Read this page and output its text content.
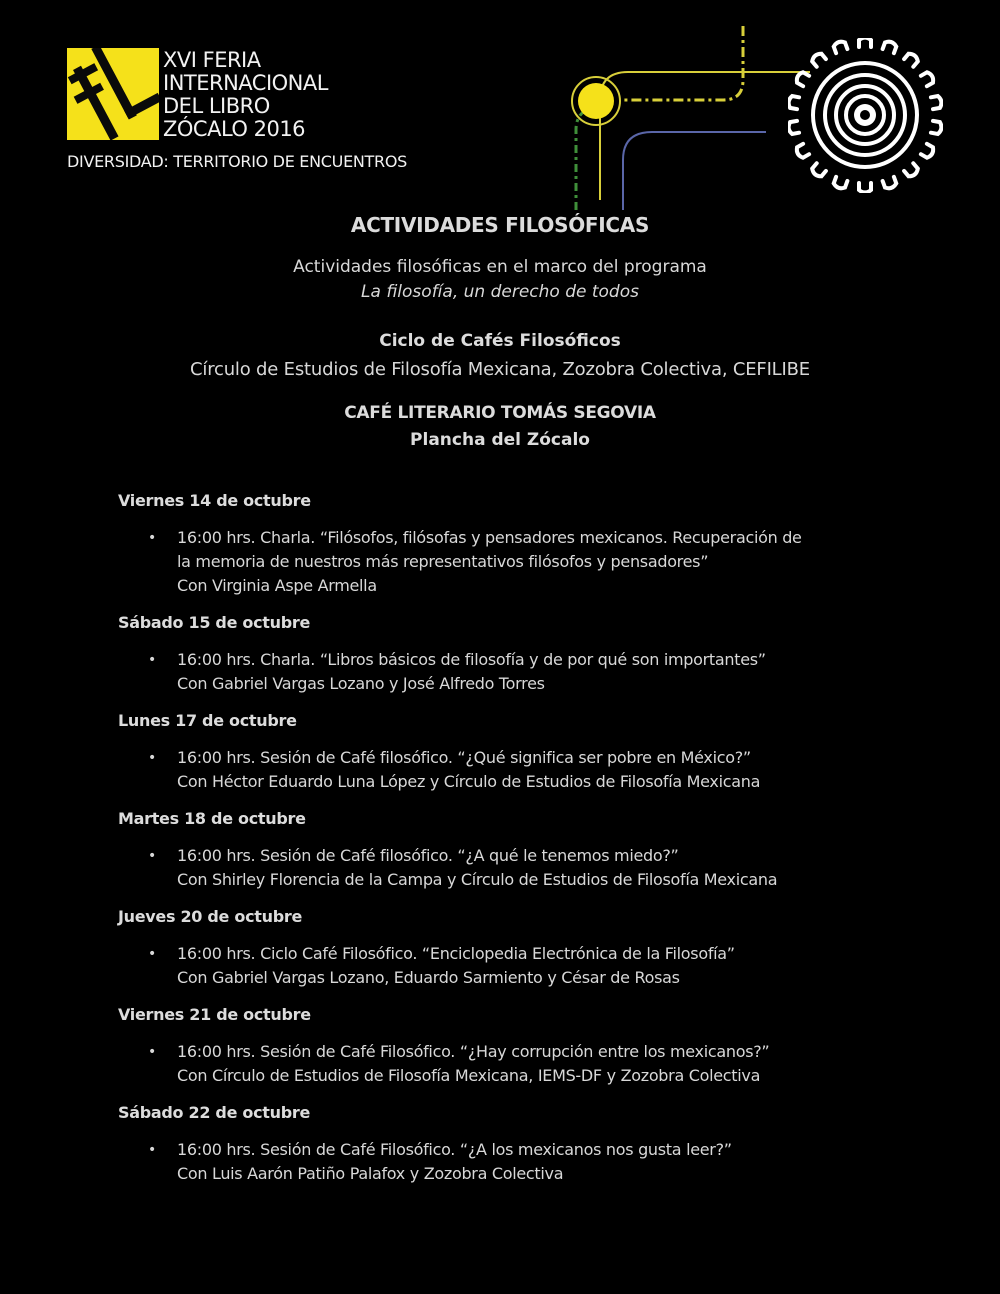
XVI FERIA
INTERNACIONAL
DEL LIBRO
ZÓCALO 2016
DIVERSIDAD: TERRITORIO DE ENCUENTROS
ACTIVIDADES FILOSÓFICAS
Actividades filosóficas en el marco del programa
La filosofía, un derecho de todos
Ciclo de Cafés Filosóficos
Círculo de Estudios de Filosofía Mexicana, Zozobra Colectiva, CEFILIBE
CAFÉ LITERARIO TOMÁS SEGOVIA
Plancha del Zócalo
Viernes 14 de octubre
• 16:00 hrs. Charla. “Filósofos, filósofas y pensadores mexicanos. Recuperación de
la memoria de nuestros más representativos filósofos y pensadores”
Con Virginia Aspe Armella
Sábado 15 de octubre
• 16:00 hrs. Charla. “Libros básicos de filosofía y de por qué son importantes”
Con Gabriel Vargas Lozano y José Alfredo Torres
Lunes 17 de octubre
• 16:00 hrs. Sesión de Café filosófico. “¿Qué significa ser pobre en México?”
Con Héctor Eduardo Luna López y Círculo de Estudios de Filosofía Mexicana
Martes 18 de octubre
• 16:00 hrs. Sesión de Café filosófico. “¿A qué le tenemos miedo?”
Con Shirley Florencia de la Campa y Círculo de Estudios de Filosofía Mexicana
Jueves 20 de octubre
• 16:00 hrs. Ciclo Café Filosófico. “Enciclopedia Electrónica de la Filosofía”
Con Gabriel Vargas Lozano, Eduardo Sarmiento y César de Rosas
Viernes 21 de octubre
• 16:00 hrs. Sesión de Café Filosófico. “¿Hay corrupción entre los mexicanos?”
Con Círculo de Estudios de Filosofía Mexicana, IEMS-DF y Zozobra Colectiva
Sábado 22 de octubre
• 16:00 hrs. Sesión de Café Filosófico. “¿A los mexicanos nos gusta leer?”
Con Luis Aarón Patiño Palafox y Zozobra Colectiva
